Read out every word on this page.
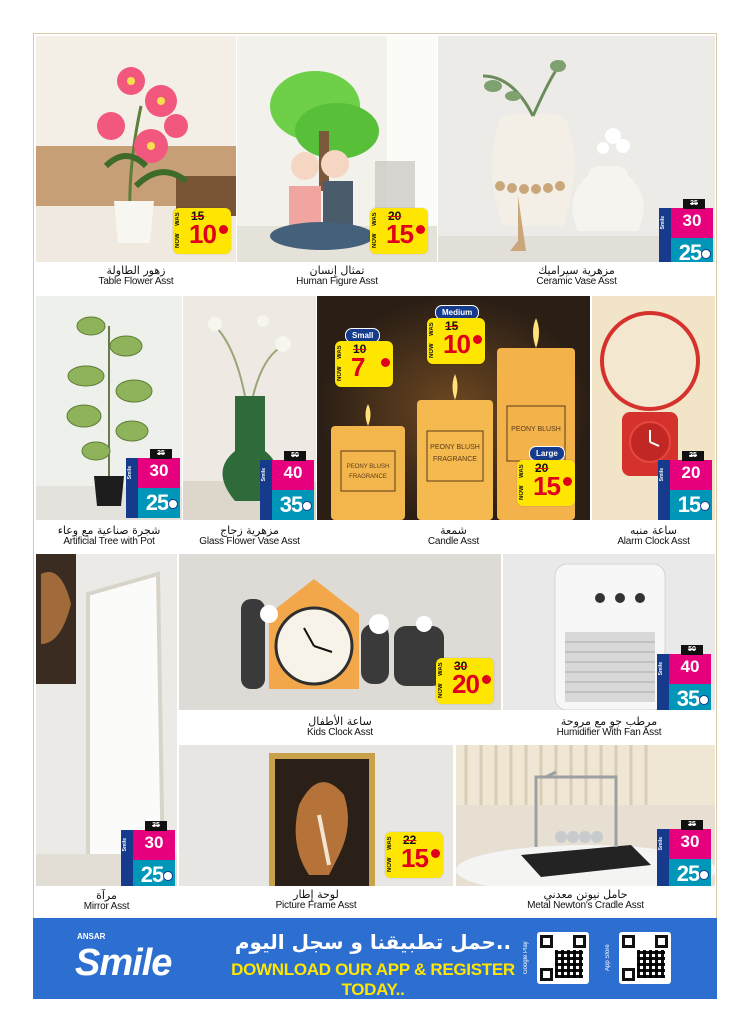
WAS
NOW
15
10
زهور الطاولة
Table Flower Asst
WAS
NOW
20
15
تمثال إنسان
Human Figure Asst
Smile
35
30
25
مزهرية سيراميك
Ceramic Vase Asst
Smile
35
30
25
شجرة صناعية مع وعاء
Artificial Tree with Pot
Smile
50
40
35
مزهرية زجاج
Glass Flower Vase Asst
PEONY BLUSH
FRAGRANCE
PEONY BLUSH
FRAGRANCE
PEONY BLUSH
Small
WAS
NOW
10
7
Medium
WAS
NOW
15
10
Large
WAS
NOW
20
15
شمعة
Candle Asst
Smile
25
20
15
ساعة منبه
Alarm Clock Asst
Smile
35
30
25
مرآة
Mirror Asst
Home
WAS
NOW
30
20
ساعة الأطفال
Kids Clock Asst
Smile
50
40
35
مرطب جو مع مروحة
Humidifier With Fan Asst
WAS
NOW
22
15
لوحة إطار
Picture Frame Asst
Smile
35
30
25
حامل نيوتن معدني
Metal Newton's Cradle Asst
ANSAR
Smile	حمل تطبيقنا و سجل اليوم..
DOWNLOAD OUR APP & REGISTER TODAY..
Google Play	App Store
